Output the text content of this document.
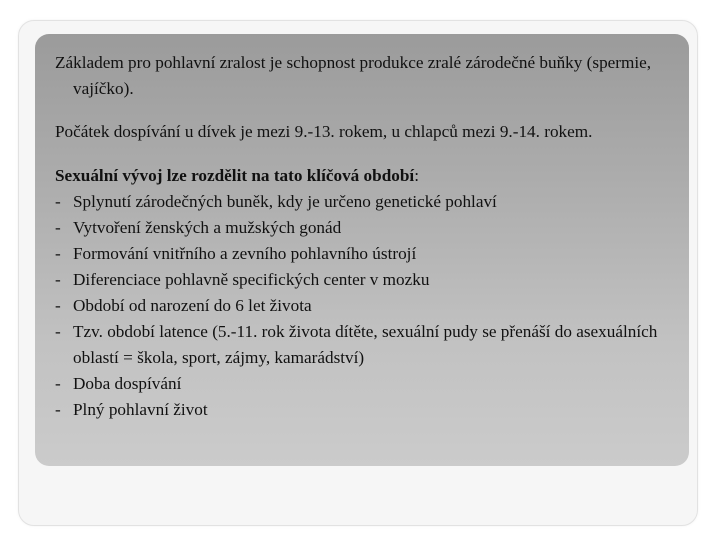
Základem pro pohlavní zralost je schopnost produkce zralé zárodečné buňky (spermie, vajíčko).

Počátek dospívání u dívek je mezi 9.-13. rokem, u chlapců mezi 9.-14. rokem.

Sexuální vývoj lze rozdělit na tato klíčová období:

- Splynutí zárodečných buněk, kdy je určeno genetické pohlaví
- Vytvoření ženských a mužských gonád
- Formování vnitřního a zevního pohlavního ústrojí
- Diferenciace pohlavně specifických center v mozku
- Období od narození do 6 let života
- Tzv. období latence (5.-11. rok života dítěte, sexuální pudy se přenáší do asexuálních oblastí = škola, sport, zájmy, kamarádství)
- Doba dospívání
- Plný pohlavní život
